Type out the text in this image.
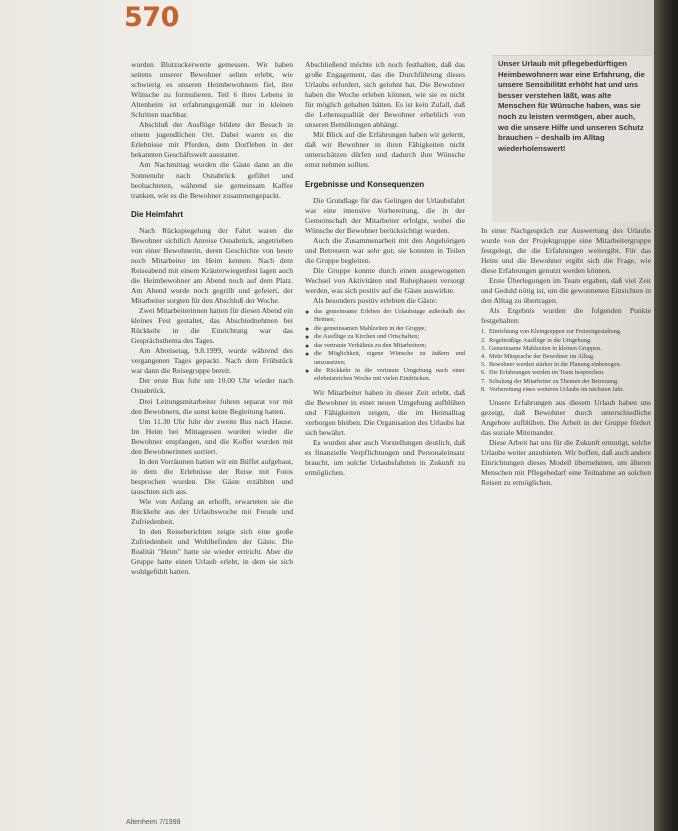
570

wurden Blutzuckerwerte gemessen. Wir haben seitens unserer Bewohner selten erlebt, wie schwierig es unseren Heimbewohnern fiel, ihre Wünsche zu formulieren. Teil 6 ihres Lebens in Altenheim ist erfahrungsgemäß nur in kleinen Schritten machbar.

Abschluß der Ausflüge bildete der Besuch in einem jugendlichen Ort. Dabei waren es die Erlebnisse mit Pferden, dem Dorfleben in der bekannten Geschäftswelt ausstattet.

Am Nachmittag wurden die Gäste dann an die Sonnenuhr nach Osnabrück geführt und beobachteten, während sie gemeinsam Kaffee tranken, wie es die Bewohner zusammengepackt.

Die Heimfahrt

Nach Rückspiegelung der Fahrt waren die Bewohner sichtlich Anreise Osnabrück, angetrieben von einer Bewohnerin, deren Geschichte von heute noch Mitarbeiter im Heim kennen. Nach dem Reiseabend mit einem Kräuterwiegenfest lagen auch die Heimbewohner am Abend noch auf dem Platz. Am Abend wurde noch gegrillt und gefeiert, der Mitarbeiter sorgten für den Abschluß der Woche.

Zwei Mitarbeiterinnen hatten für diesen Abend ein kleines Fest gestaltet, das Abschiednehmen bei Rückkehr in die Einrichtung war das Gesprächsthema des Tages.

Am Abreisetag, 9.8.1999, wurde während des vergangenen Tages gepackt. Nach dem Frühstück war dann die Reisegruppe bereit.

Der erste Bus fuhr um 10.00 Uhr wieder nach Osnabrück.

Drei Leitungsmitarbeiter fuhren separat vor mit den Bewohnern, die sonst keine Begleitung hatten.

Um 11.30 Uhr fuhr der zweite Bus nach Hause. Im Heim bei Mittagessen wurden wieder die Bewohner empfangen, und die Koffer wurden mit den Bewohnerinnen sortiert.

In den Vorräumen hatten wir ein Büffet aufgebaut, in dem die Erlebnisse der Reise mit Fotos besprochen wurden. Die Gäste erzählten und tauschten sich aus.

Wie von Anfang an erhofft, erwarteten sie die Rückkehr aus der Urlaubswoche mit Freude und Zufriedenheit.

In den Reiseberichten zeigte sich eine große Zufriedenheit und Wohlbefinden der Gäste. Die Realität "Heim" hatte sie wieder erreicht. Aber die Gruppe hatte einen Urlaub erlebt, in dem sie sich wohlgefühlt hatten.

Abschließend möchte ich noch festhalten, daß das große Engagement, das die Durchführung dieses Urlaubs erfordert, sich gelohnt hat. Die Bewohner haben die Woche erleben können, wie sie es nicht für möglich gehalten hätten. Es ist kein Zufall, daß die Lebensqualität der Bewohner erheblich von unseren Bemühungen abhängt.

Mit Blick auf die Erfahrungen haben wir gelernt, daß wir Bewohner in ihren Fähigkeiten nicht unterschätzen dürfen und dadurch ihre Wünsche ernst nehmen sollten.

Ergebnisse und Konsequenzen

Die Grundlage für das Gelingen der Urlaubsfahrt war eine intensive Vorbereitung, die in der Gemeinschaft der Mitarbeiter erfolgte, wobei die Wünsche der Bewohner berücksichtigt wurden.

Auch die Zusammenarbeit mit den Angehörigen und Betreuern war sehr gut; sie konnten in Teilen die Gruppe begleiten.

Die Gruppe konnte durch einen ausgewogenen Wechsel von Aktivitäten und Ruhephasen versorgt werden, was sich positiv auf die Gäste auswirkte.

Als besonders positiv erlebten die Gäste:

● das gemeinsame Erleben der Urlaubstage außerhalb des Heimes;
● die gemeinsamen Mahlzeiten in der Gruppe;
● die Ausflüge zu Kirchen und Ortschaften;
● das vertraute Verhältnis zu den Mitarbeitern;
● die Möglichkeit, eigene Wünsche zu äußern und umzusetzen;
● die Rückkehr in die vertraute Umgebung nach einer erlebnisreichen Woche mit vielen Eindrücken.

Wir Mitarbeiter haben in dieser Zeit erlebt, daß die Bewohner in einer neuen Umgebung aufblühen und Fähigkeiten zeigen, die im Heimalltag verborgen bleiben. Die Organisation des Urlaubs hat sich bewährt.

Es wurden aber auch Vorstellungen deutlich, daß es finanzielle Verpflichtungen und Personaleinsatz braucht, um solche Urlaubsfahrten in Zukunft zu ermöglichen.

Unser Urlaub mit pflegebedürftigen Heimbewohnern war eine Erfahrung, die unsere Sensibilität erhöht hat und uns besser verstehen läßt, was alte Menschen für Wünsche haben, was sie noch zu leisten vermögen, aber auch, wo die unsere Hilfe und unseren Schutz brauchen – deshalb im Alltag wiederholenswert!

In einer Nachgespräch zur Auswertung des Urlaubs wurde von der Projektgruppe eine Mitarbeitergruppe festgelegt, die die Erfahrungen weitergibt. Für das Heim und die Bewohner ergibt sich die Frage, wie diese Erfahrungen genutzt werden können.

Erste Überlegungen im Team ergaben, daß viel Zeit und Geduld nötig ist, um die gewonnenen Einsichten in den Alltag zu übertragen.

Als Ergebnis wurden die folgenden Punkte festgehalten:

1. Einrichtung von Kleingruppen zur Freizeitgestaltung.
2. Regelmäßige Ausflüge in die Umgebung.
3. Gemeinsame Mahlzeiten in kleinen Gruppen.
4. Mehr Mitsprache der Bewohner im Alltag.
5. Bewohner werden stärker in die Planung einbezogen.
6. Die Erfahrungen werden im Team besprochen.
7. Schulung der Mitarbeiter zu Themen der Betreuung.
8. Vorbereitung eines weiteren Urlaubs im nächsten Jahr.

Unsere Erfahrungen aus diesem Urlaub haben uns gezeigt, daß Bewohner durch unterschiedliche Angebote aufblühen. Die Arbeit in der Gruppe fördert das soziale Miteinander.

Diese Arbeit hat uns für die Zukunft ermutigt, solche Urlaube weiter anzubieten. Wir hoffen, daß auch andere Einrichtungen dieses Modell übernehmen, um älteren Menschen mit Pflegebedarf eine Teilnahme an solchen Reisen zu ermöglichen.

Altenheim 7/1999
